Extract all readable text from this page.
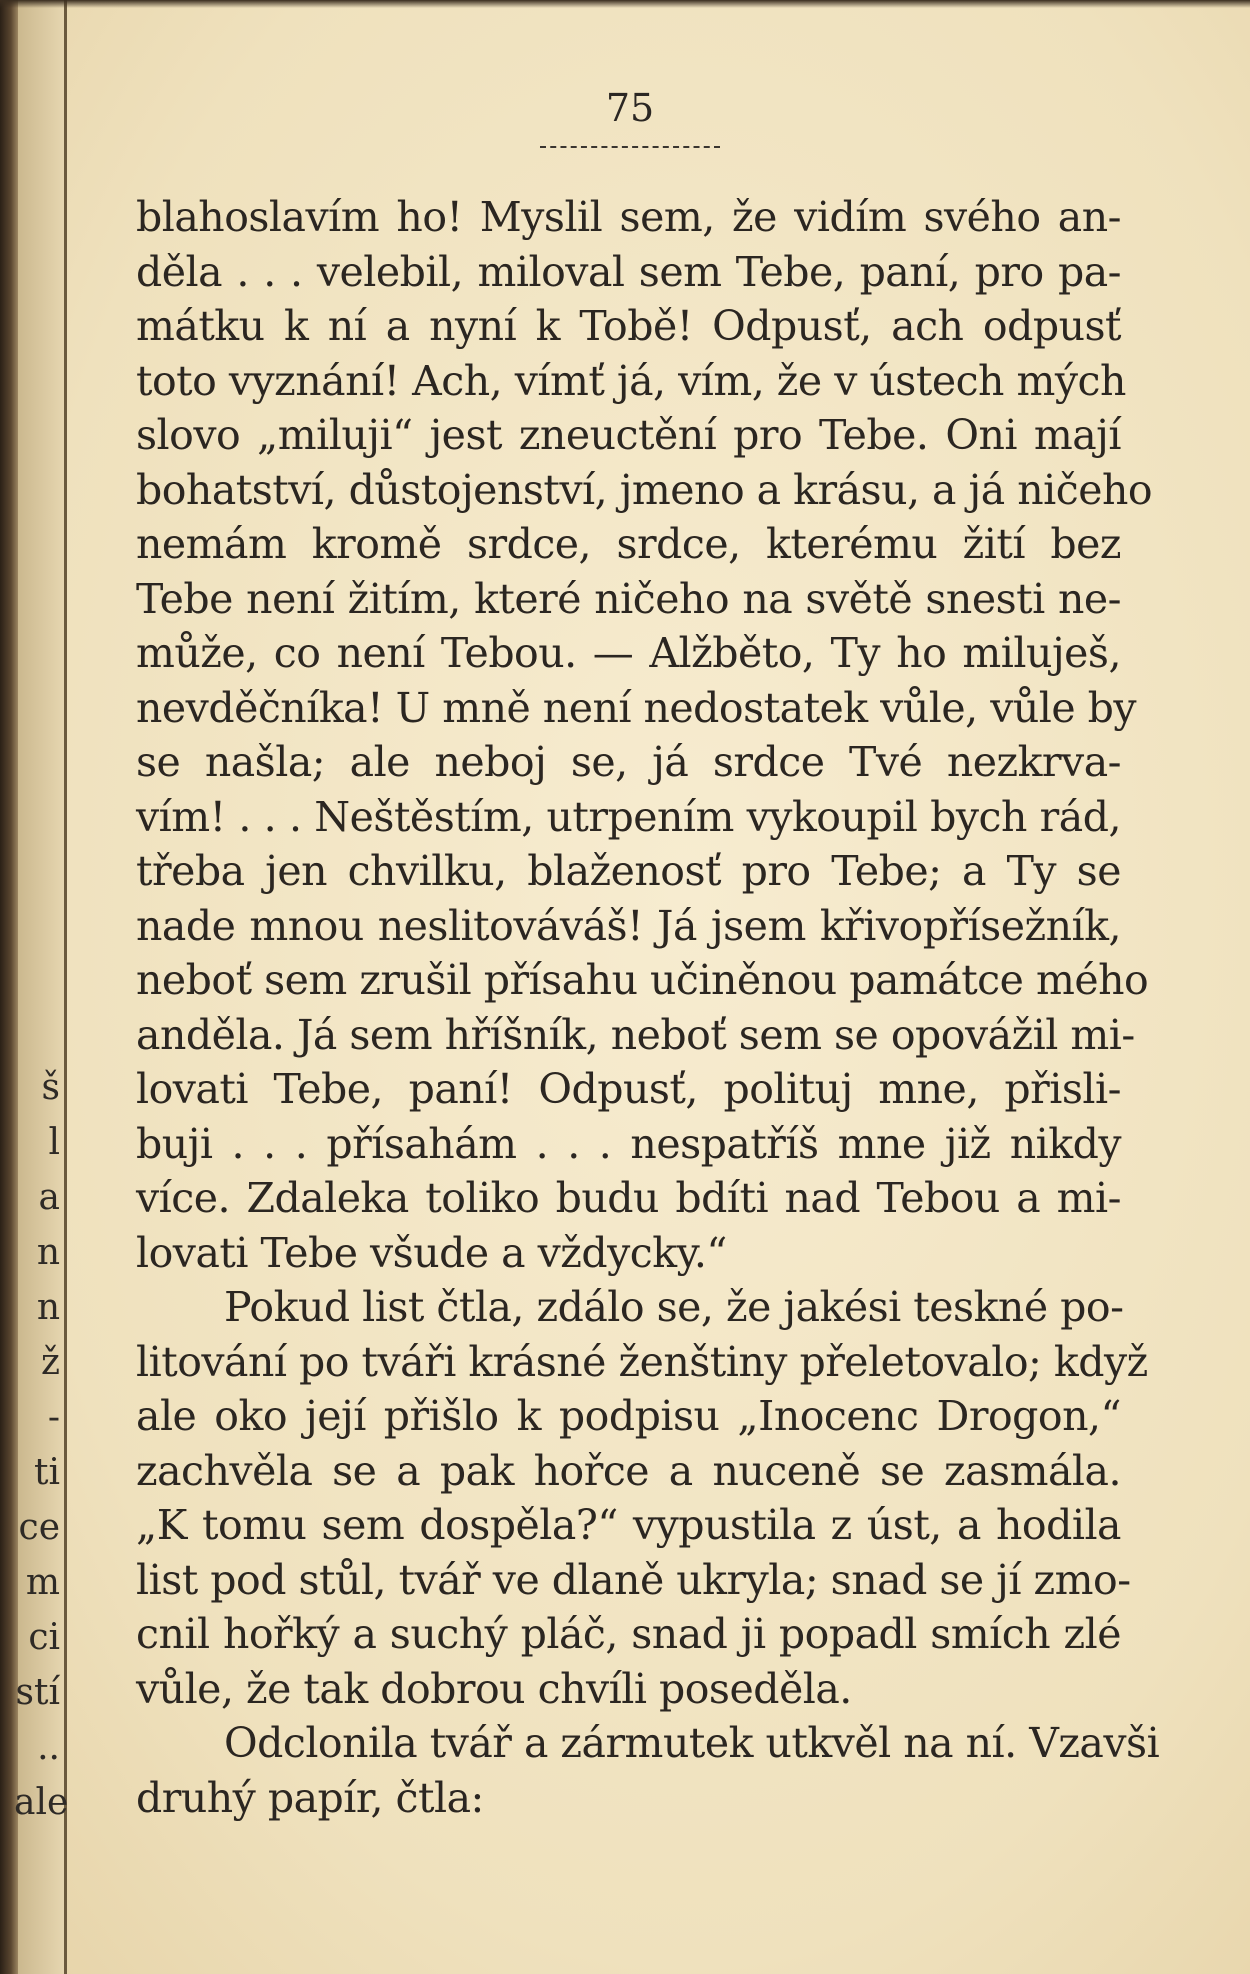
š
l
a
n
n
ž
-
ti
ce
m
ci
stí
..
ale
75
blahoslavím ho! Myslil sem, že vidím svého an-
děla . . . velebil, miloval sem Tebe, paní, pro pa-
mátku k ní a nyní k Tobě! Odpusť, ach odpusť
toto vyznání! Ach, vímť já, vím, že v ústech mých
slovo „miluji“ jest zneuctění pro Tebe. Oni mají
bohatství, důstojenství, jmeno a krásu, a já ničeho
nemám kromě srdce, srdce, kterému žití bez
Tebe není žitím, které ničeho na světě snesti ne-
může, co není Tebou. — Alžběto, Ty ho miluješ,
nevděčníka! U mně není nedostatek vůle, vůle by
se našla; ale neboj se, já srdce Tvé nezkrva-
vím! . . . Neštěstím, utrpením vykoupil bych rád,
třeba jen chvilku, blaženosť pro Tebe; a Ty se
nade mnou neslitováváš! Já jsem křivopřísežník,
neboť sem zrušil přísahu učiněnou památce mého
anděla. Já sem hříšník, neboť sem se opovážil mi-
lovati Tebe, paní! Odpusť, polituj mne, přisli-
buji . . . přísahám . . . nespatříš mne již nikdy
více. Zdaleka toliko budu bdíti nad Tebou a mi-
lovati Tebe všude a vždycky.“
Pokud list čtla, zdálo se, že jakési teskné po-
litování po tváři krásné ženštiny přeletovalo; když
ale oko její přišlo k podpisu „Inocenc Drogon,“
zachvěla se a pak hořce a nuceně se zasmála.
„K tomu sem dospěla?“ vypustila z úst, a hodila
list pod stůl, tvář ve dlaně ukryla; snad se jí zmo-
cnil hořký a suchý pláč, snad ji popadl smích zlé
vůle, že tak dobrou chvíli poseděla.
Odclonila tvář a zármutek utkvěl na ní. Vzavši
druhý papír, čtla:
